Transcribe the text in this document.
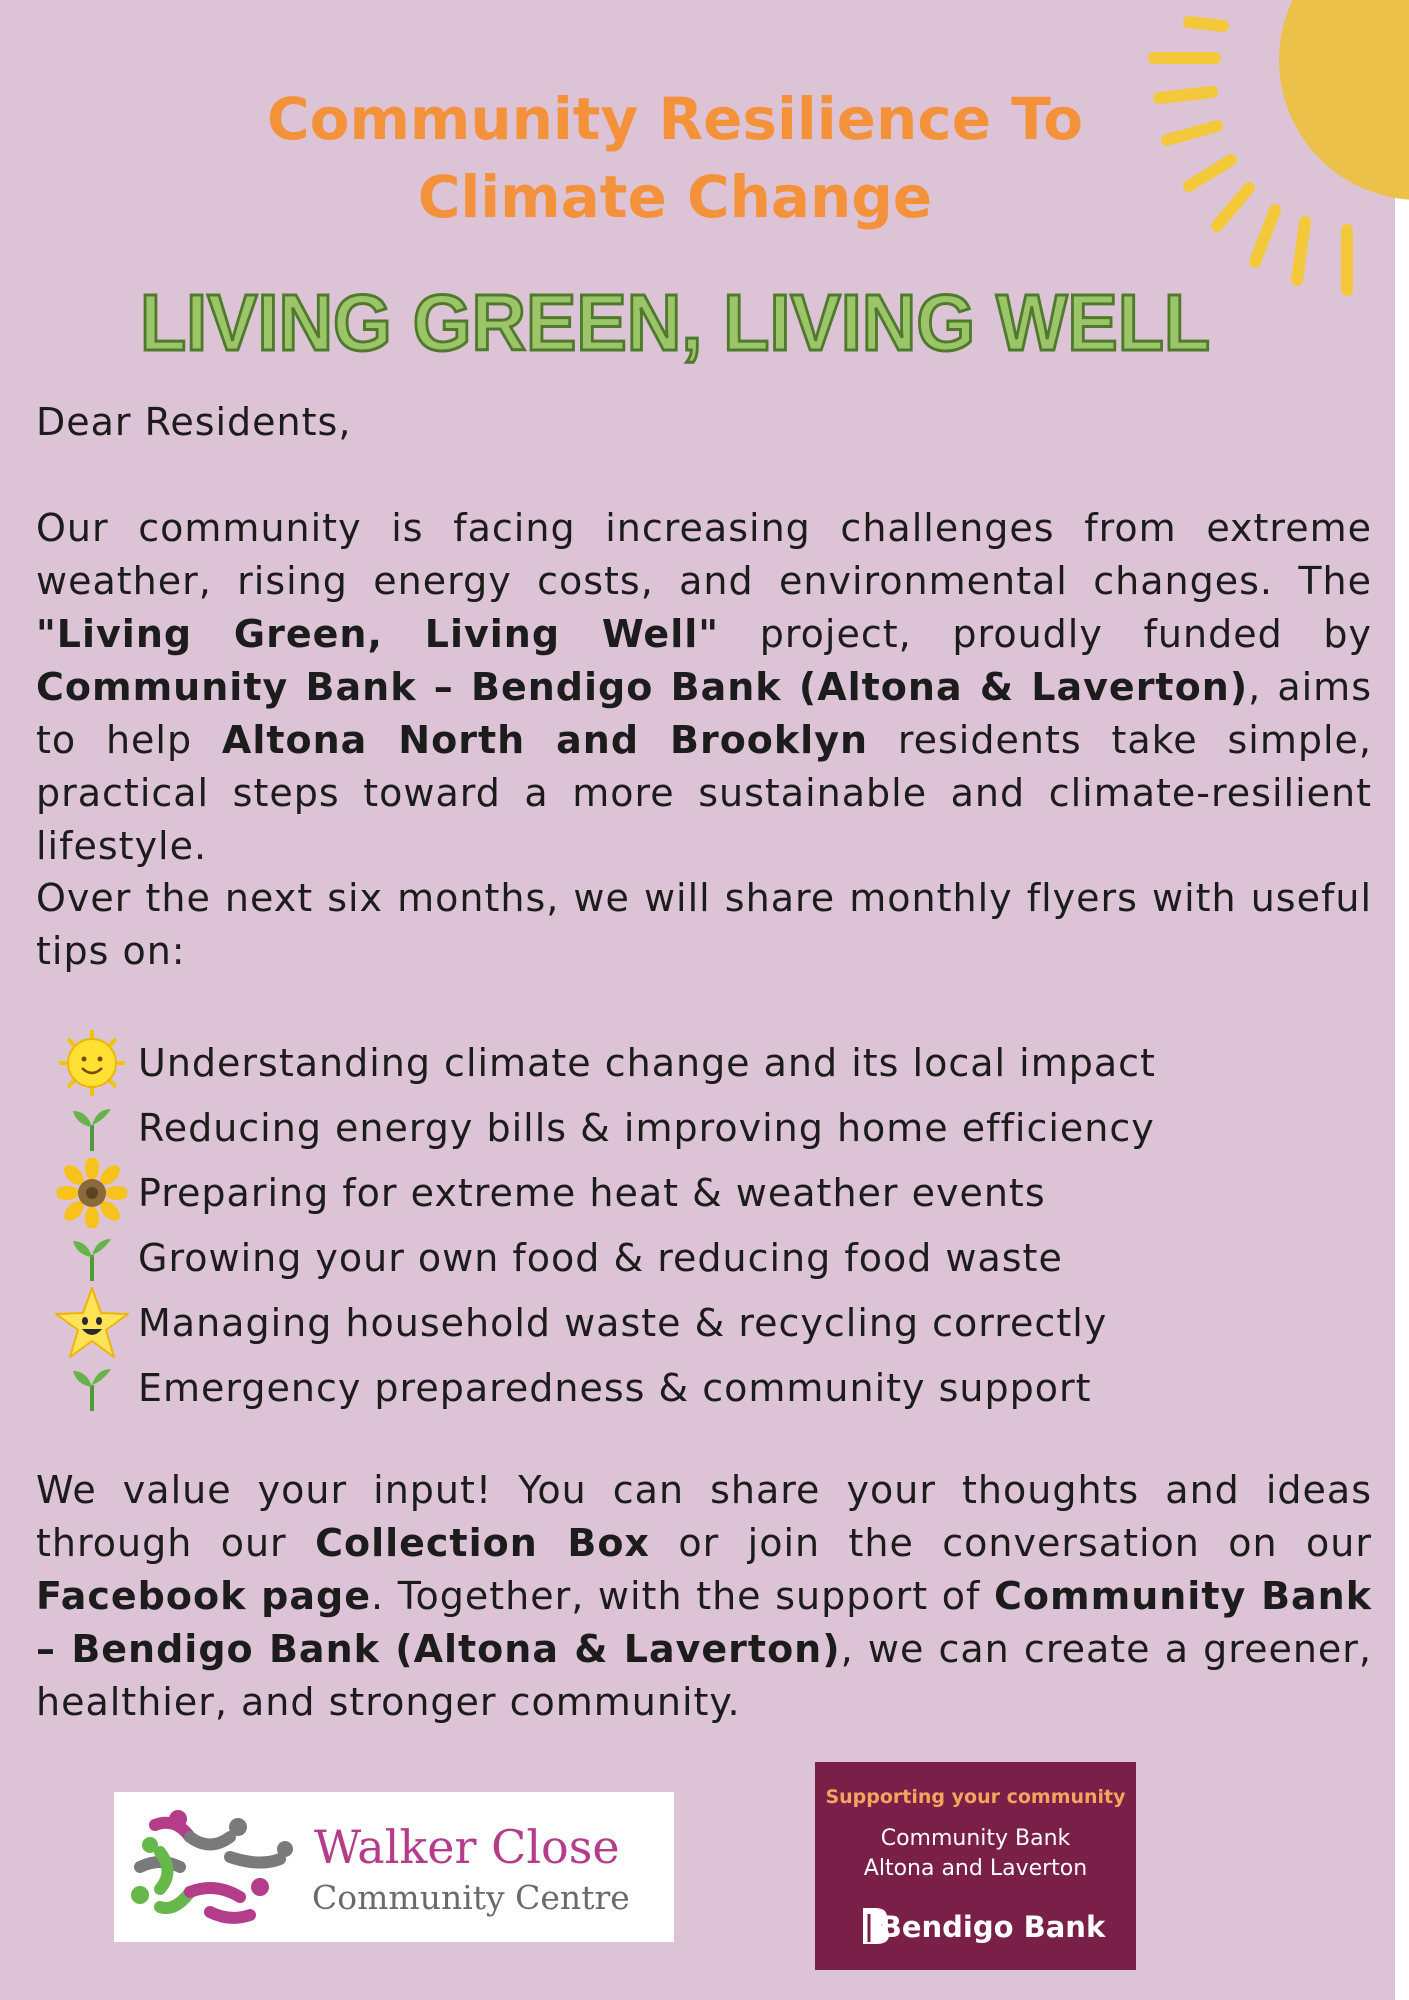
Community Resilience To
Climate Change
LIVING GREEN, LIVING WELL

Dear Residents,

Our community is facing increasing challenges from extreme weather, rising energy costs, and environmental changes. The "Living Green, Living Well" project, proudly funded by Community Bank – Bendigo Bank (Altona & Laverton), aims to help Altona North and Brooklyn residents take simple, practical steps toward a more sustainable and climate-resilient lifestyle.

Over the next six months, we will share monthly flyers with useful tips on:

Understanding climate change and its local impact
Reducing energy bills & improving home efficiency
Preparing for extreme heat & weather events
Growing your own food & reducing food waste
Managing household waste & recycling correctly
Emergency preparedness & community support

We value your input! You can share your thoughts and ideas through our Collection Box or join the conversation on our Facebook page. Together, with the support of Community Bank – Bendigo Bank (Altona & Laverton), we can create a greener, healthier, and stronger community.

Walker Close
Community Centre
Supporting your community
Community Bank
Altona and Laverton
Bendigo Bank
